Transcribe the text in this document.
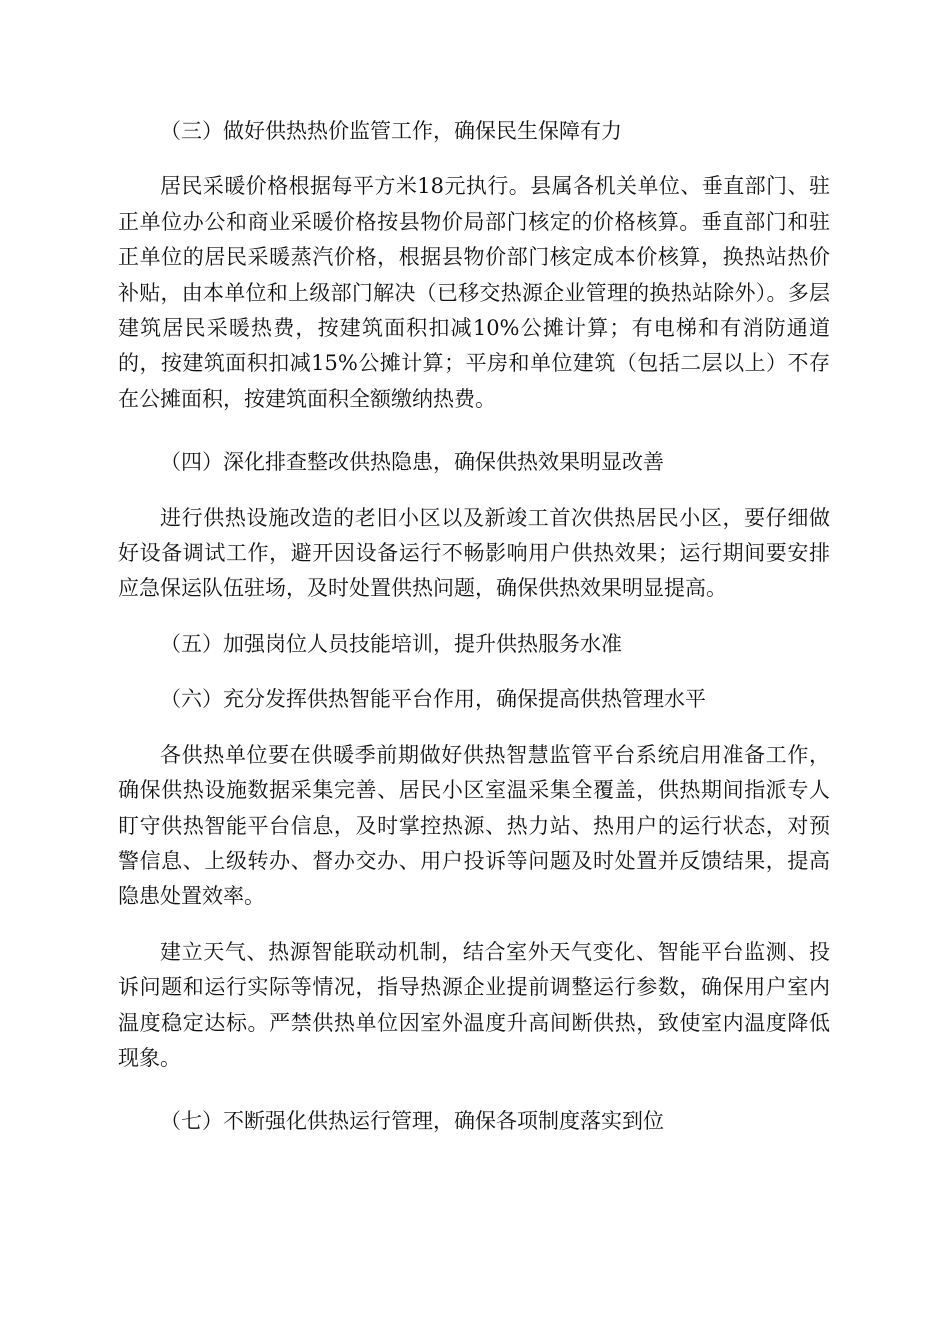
（三）做好供热热价监管工作，确保民生保障有力

居民采暖价格根据每平方米18元执行。县属各机关单位、垂直部门、驻正单位办公和商业采暖价格按县物价局部门核定的价格核算。垂直部门和驻正单位的居民采暖蒸汽价格，根据县物价部门核定成本价核算，换热站热价补贴，由本单位和上级部门解决（已移交热源企业管理的换热站除外）。多层建筑居民采暖热费，按建筑面积扣减10%公摊计算；有电梯和有消防通道的，按建筑面积扣减15%公摊计算；平房和单位建筑（包括二层以上）不存在公摊面积，按建筑面积全额缴纳热费。

（四）深化排查整改供热隐患，确保供热效果明显改善

进行供热设施改造的老旧小区以及新竣工首次供热居民小区，要仔细做好设备调试工作，避开因设备运行不畅影响用户供热效果；运行期间要安排应急保运队伍驻场，及时处置供热问题，确保供热效果明显提高。

（五）加强岗位人员技能培训，提升供热服务水准

（六）充分发挥供热智能平台作用，确保提高供热管理水平

各供热单位要在供暖季前期做好供热智慧监管平台系统启用准备工作，确保供热设施数据采集完善、居民小区室温采集全覆盖，供热期间指派专人盯守供热智能平台信息，及时掌控热源、热力站、热用户的运行状态，对预警信息、上级转办、督办交办、用户投诉等问题及时处置并反馈结果，提高隐患处置效率。

建立天气、热源智能联动机制，结合室外天气变化、智能平台监测、投诉问题和运行实际等情况，指导热源企业提前调整运行参数，确保用户室内温度稳定达标。严禁供热单位因室外温度升高间断供热，致使室内温度降低现象。

（七）不断强化供热运行管理，确保各项制度落实到位
